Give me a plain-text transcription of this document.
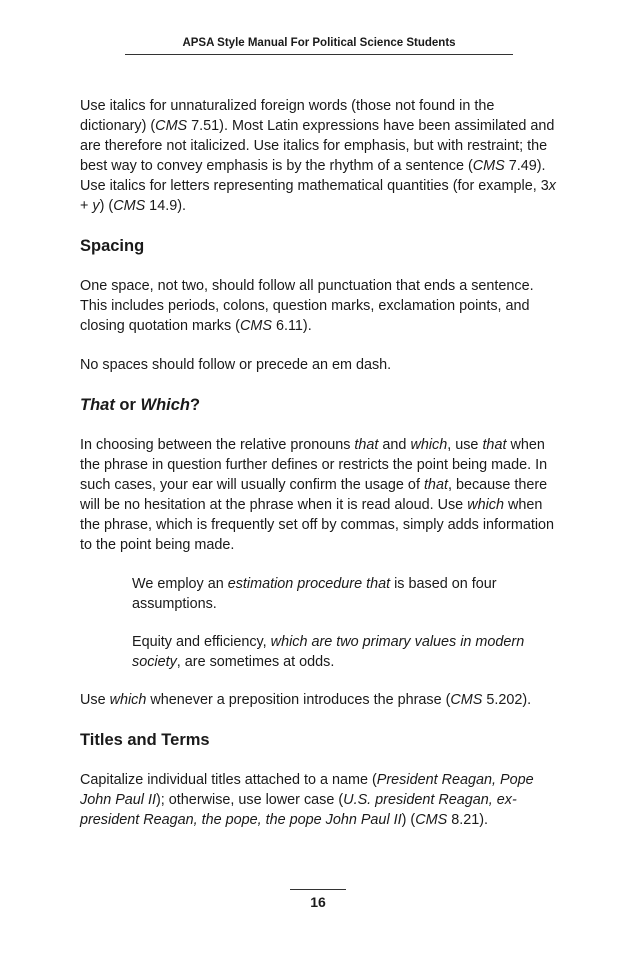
APSA Style Manual For Political Science Students

Use italics for unnaturalized foreign words (those not found in the dictionary) (CMS 7.51). Most Latin expressions have been assimilated and are therefore not italicized. Use italics for emphasis, but with restraint; the best way to convey emphasis is by the rhythm of a sentence (CMS 7.49). Use italics for letters representing mathematical quantities (for example, 3x + y) (CMS 14.9).

Spacing

One space, not two, should follow all punctuation that ends a sentence. This includes periods, colons, question marks, exclamation points, and closing quotation marks (CMS 6.11).

No spaces should follow or precede an em dash.

That or Which?

In choosing between the relative pronouns that and which, use that when the phrase in question further defines or restricts the point being made. In such cases, your ear will usually confirm the usage of that, because there will be no hesitation at the phrase when it is read aloud. Use which when the phrase, which is frequently set off by commas, simply adds information to the point being made.

We employ an estimation procedure that is based on four assumptions.

Equity and efficiency, which are two primary values in modern society, are sometimes at odds.

Use which whenever a preposition introduces the phrase (CMS 5.202).

Titles and Terms

Capitalize individual titles attached to a name (President Reagan, Pope John Paul II); otherwise, use lower case (U.S. president Reagan, ex-president Reagan, the pope, the pope John Paul II) (CMS 8.21).

16
